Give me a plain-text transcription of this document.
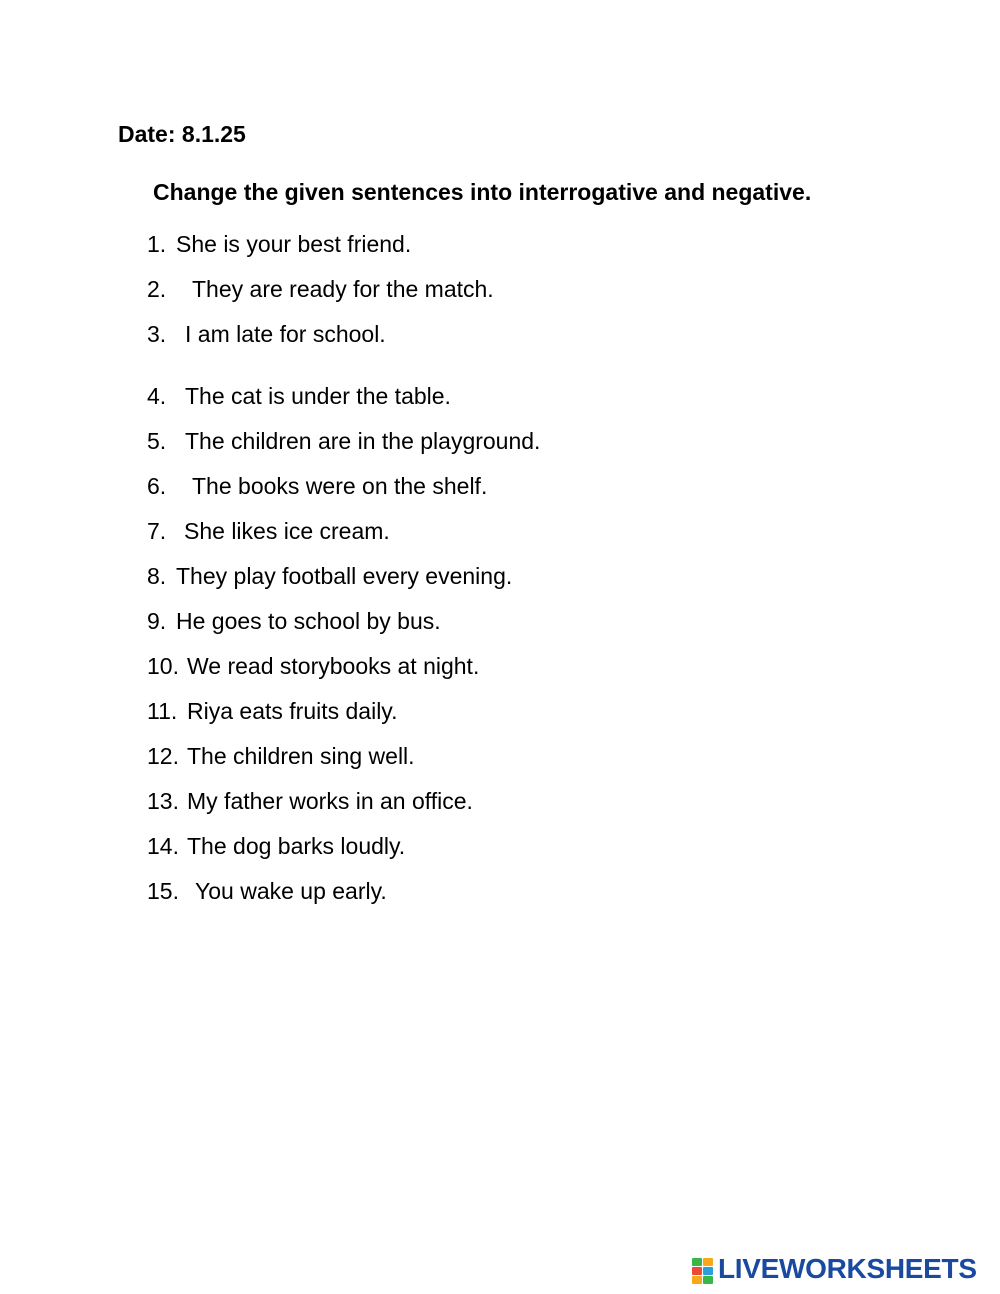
Date: 8.1.25
Change the given sentences into interrogative and negative.
1. She is your best friend.
2. They are ready for the match.
3. I am late for school.
4. The cat is under the table.
5. The children are in the playground.
6. The books were on the shelf.
7. She likes ice cream.
8. They play football every evening.
9. He goes to school by bus.
10. We read storybooks at night.
11. Riya eats fruits daily.
12. The children sing well.
13. My father works in an office.
14. The dog barks loudly.
15. You wake up early.
LIVEWORKSHEETS
